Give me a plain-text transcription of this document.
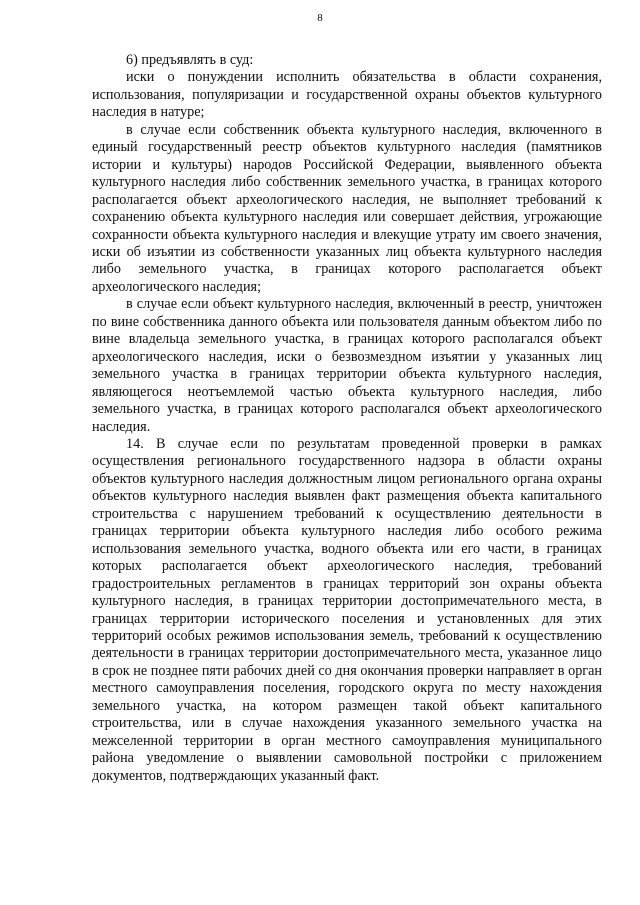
8

6) предъявлять в суд:

иски о понуждении исполнить обязательства в области сохранения, использования, популяризации и государственной охраны объектов культурного наследия в натуре;

в случае если собственник объекта культурного наследия, включенного в единый государственный реестр объектов культурного наследия (памятников истории и культуры) народов Российской Федерации, выявленного объекта культурного наследия либо собственник земельного участка, в границах которого располагается объект археологического наследия, не выполняет требований к сохранению объекта культурного наследия или совершает действия, угрожающие сохранности объекта культурного наследия и влекущие утрату им своего значения, иски об изъятии из собственности указанных лиц объекта культурного наследия либо земельного участка, в границах которого располагается объект археологического наследия;

в случае если объект культурного наследия, включенный в реестр, уничтожен по вине собственника данного объекта или пользователя данным объектом либо по вине владельца земельного участка, в границах которого располагался объект археологического наследия, иски о безвозмездном изъятии у указанных лиц земельного участка в границах территории объекта культурного наследия, являющегося неотъемлемой частью объекта культурного наследия, либо земельного участка, в границах которого располагался объект археологического наследия.

14. В случае если по результатам проведенной проверки в рамках осуществления регионального государственного надзора в области охраны объектов культурного наследия должностным лицом регионального органа охраны объектов культурного наследия выявлен факт размещения объекта капитального строительства с нарушением требований к осуществлению деятельности в границах территории объекта культурного наследия либо особого режима использования земельного участка, водного объекта или его части, в границах которых располагается объект археологического наследия, требований градостроительных регламентов в границах территорий зон охраны объекта культурного наследия, в границах территории достопримечательного места, в границах территории исторического поселения и установленных для этих территорий особых режимов использования земель, требований к осуществлению деятельности в границах территории достопримечательного места, указанное лицо в срок не позднее пяти рабочих дней со дня окончания проверки направляет в орган местного самоуправления поселения, городского округа по месту нахождения земельного участка, на котором размещен такой объект капитального строительства, или в случае нахождения указанного земельного участка на межселенной территории в орган местного самоуправления муниципального района уведомление о выявлении самовольной постройки с приложением документов, подтверждающих указанный факт.
